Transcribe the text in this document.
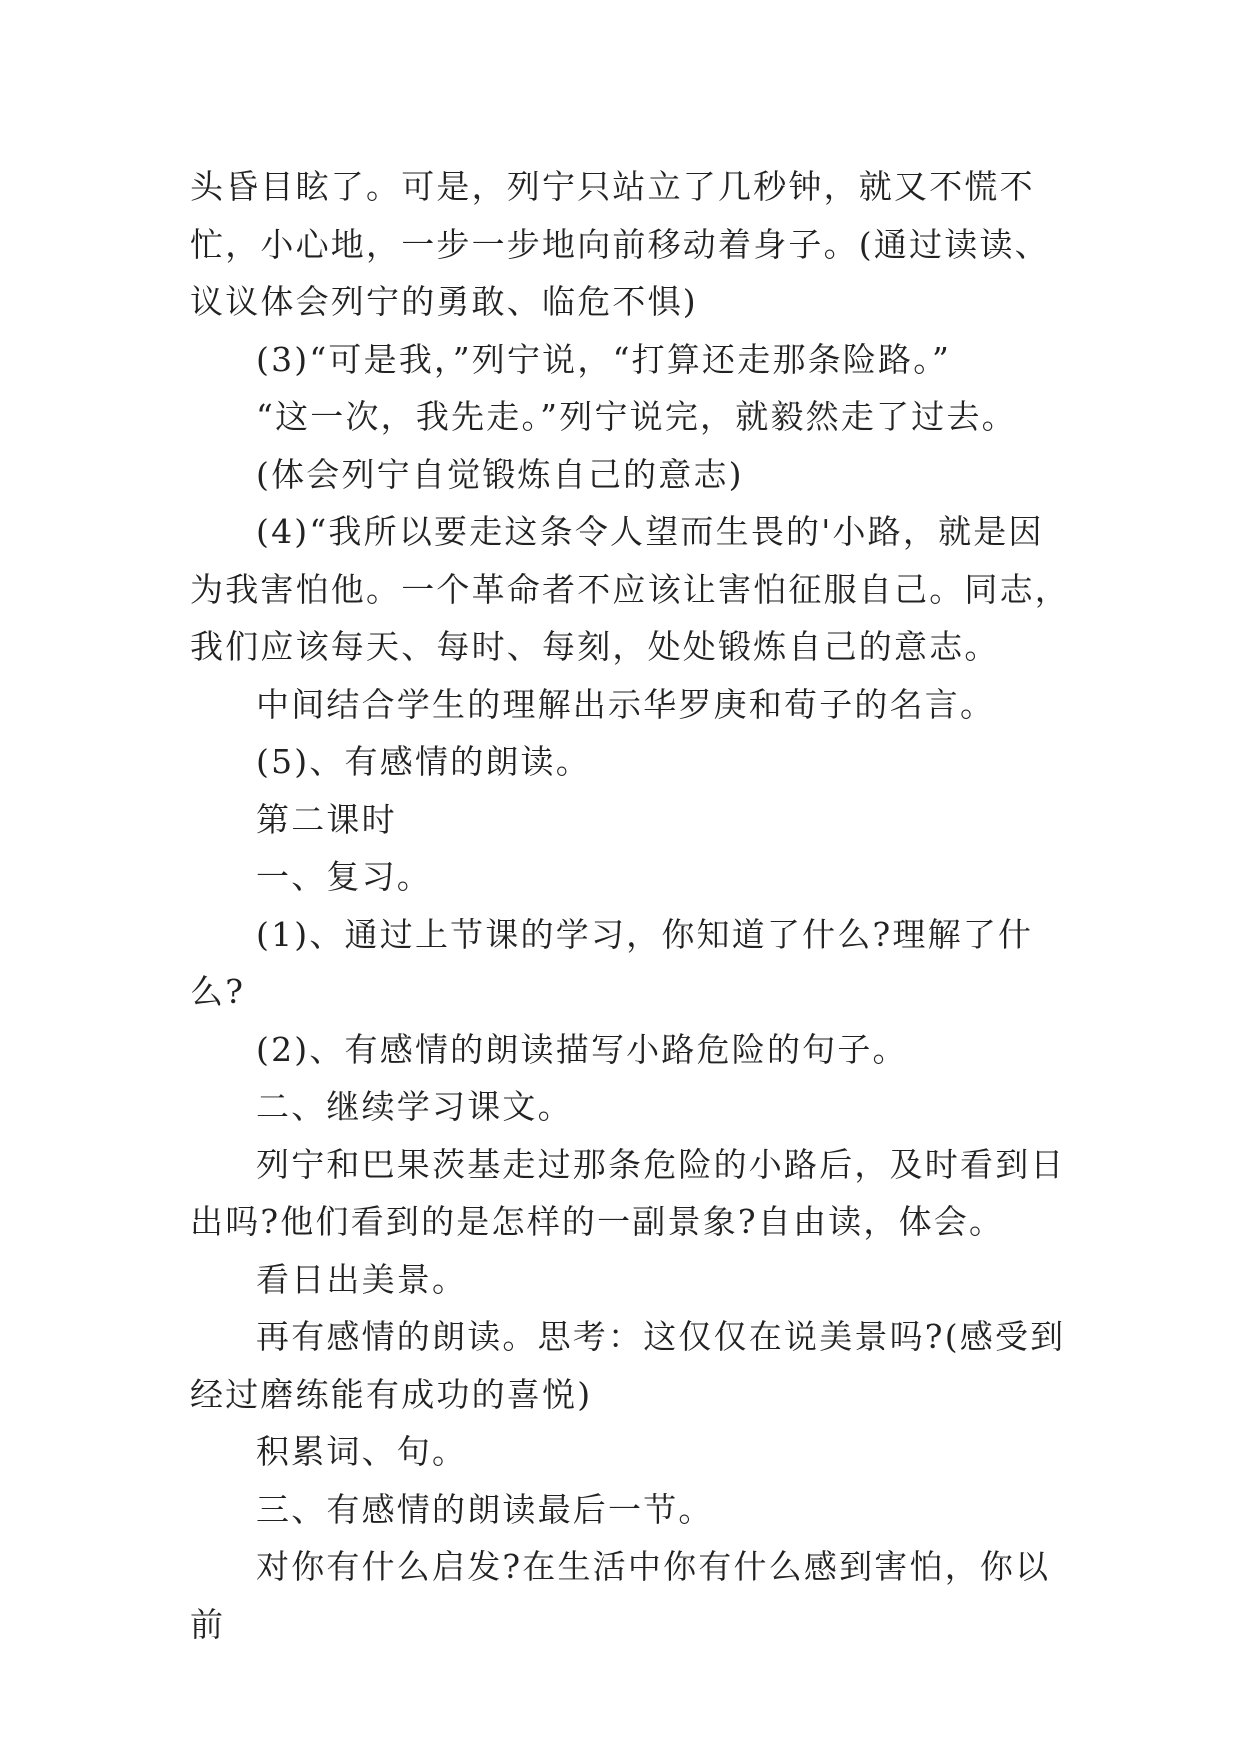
头昏目眩了。可是，列宁只站立了几秒钟，就又不慌不忙，小心地，一步一步地向前移动着身子。(通过读读、议议体会列宁的勇敢、临危不惧)

(3)“可是我，”列宁说，“打算还走那条险路。”

“这一次，我先走。”列宁说完，就毅然走了过去。

(体会列宁自觉锻炼自己的意志)

(4)“我所以要走这条令人望而生畏的'小路，就是因为我害怕他。一个革命者不应该让害怕征服自己。同志，我们应该每天、每时、每刻，处处锻炼自己的意志。

中间结合学生的理解出示华罗庚和荀子的名言。

(5)、有感情的朗读。

第二课时

一、复习。

(1)、通过上节课的学习，你知道了什么?理解了什么?

(2)、有感情的朗读描写小路危险的句子。

二、继续学习课文。

列宁和巴果茨基走过那条危险的小路后，及时看到日出吗?他们看到的是怎样的一副景象?自由读，体会。

看日出美景。

再有感情的朗读。思考：这仅仅在说美景吗?(感受到经过磨练能有成功的喜悦)

积累词、句。

三、有感情的朗读最后一节。

对你有什么启发?在生活中你有什么感到害怕，你以前
